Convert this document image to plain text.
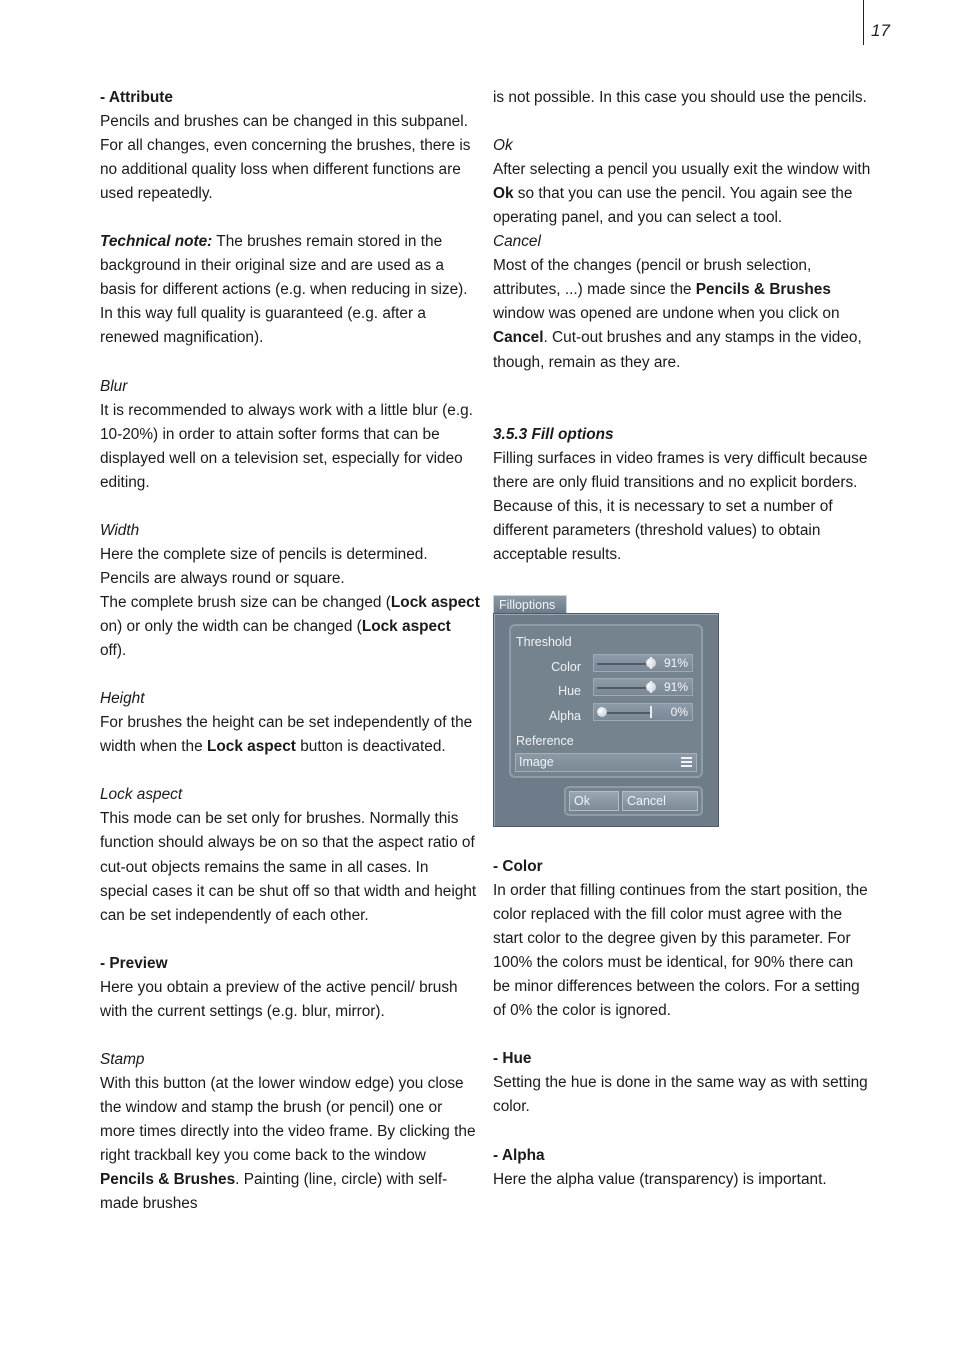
17

- Attribute

Pencils and brushes can be changed in this subpanel. For all changes, even concerning the brushes, there is no additional quality loss when different functions are used repeatedly.

Technical note: The brushes remain stored in the background in their original size and are used as a basis for different actions (e.g. when reducing in size). In this way full quality is guaranteed (e.g. after a renewed magnification).

Blur

It is recommended to always work with a little blur (e.g. 10-20%) in order to attain softer forms that can be displayed well on a television set, especially for video editing.

Width

Here the complete size of pencils is determined. Pencils are always round or square.

The complete brush size can be changed (Lock aspect on) or only the width can be changed (Lock aspect off).

Height

For brushes the height can be set independently of the width when the Lock aspect button is deactivated.

Lock aspect

This mode can be set only for brushes. Normally this function should always be on so that the aspect ratio of cut-out objects remains the same in all cases. In special cases it can be shut off so that width and height can be set independently of each other.

- Preview

Here you obtain a preview of the active pencil/ brush with the current settings (e.g. blur, mirror).

Stamp

With this button (at the lower window edge) you close the window and stamp the brush (or pencil) one or more times directly into the video frame. By clicking the right trackball key you come back to the window Pencils & Brushes. Painting (line, circle) with self-made brushes

is not possible. In this case you should use the pencils.

Ok

After selecting a pencil you usually exit the window with Ok so that you can use the pencil. You again see the operating panel, and you can select a tool.

Cancel

Most of the changes (pencil or brush selection, attributes, ...) made since the Pencils & Brushes window was opened are undone when you click on Cancel. Cut-out brushes and any stamps in the video, though, remain as they are.

3.5.3 Fill options

Filling surfaces in video frames is very difficult because there are only fluid transitions and no explicit borders. Because of this, it is necessary to set a number of different parameters (threshold values) to obtain acceptable results.

Filloptions
Threshold
Color	91%
Hue	91%
Alpha	0%
Reference
Image
Ok	Cancel

- Color

In order that filling continues from the start position, the color replaced with the fill color must agree with the start color to the degree given by this parameter. For 100% the colors must be identical, for 90% there can be minor differences between the colors. For a setting of 0% the color is ignored.

- Hue

Setting the hue is done in the same way as with setting color.

- Alpha

Here the alpha value (transparency) is important.
